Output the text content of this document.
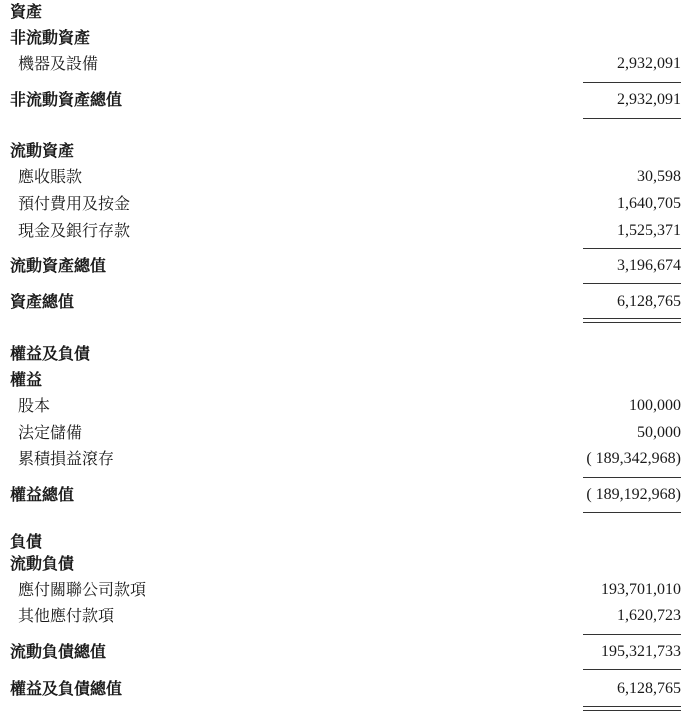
資產
非流動資產
機器及設備	2,932,091
非流動資產總值	2,932,091
流動資產
應收賬款	30,598
預付費用及按金	1,640,705
現金及銀行存款	1,525,371
流動資產總值	3,196,674
資產總值	6,128,765
權益及負債
權益
股本	100,000
法定儲備	50,000
累積損益滾存	( 189,342,968)
權益總值	( 189,192,968)
負債
流動負債
應付關聯公司款項	193,701,010
其他應付款項	1,620,723
流動負債總值	195,321,733
權益及負債總值	6,128,765
